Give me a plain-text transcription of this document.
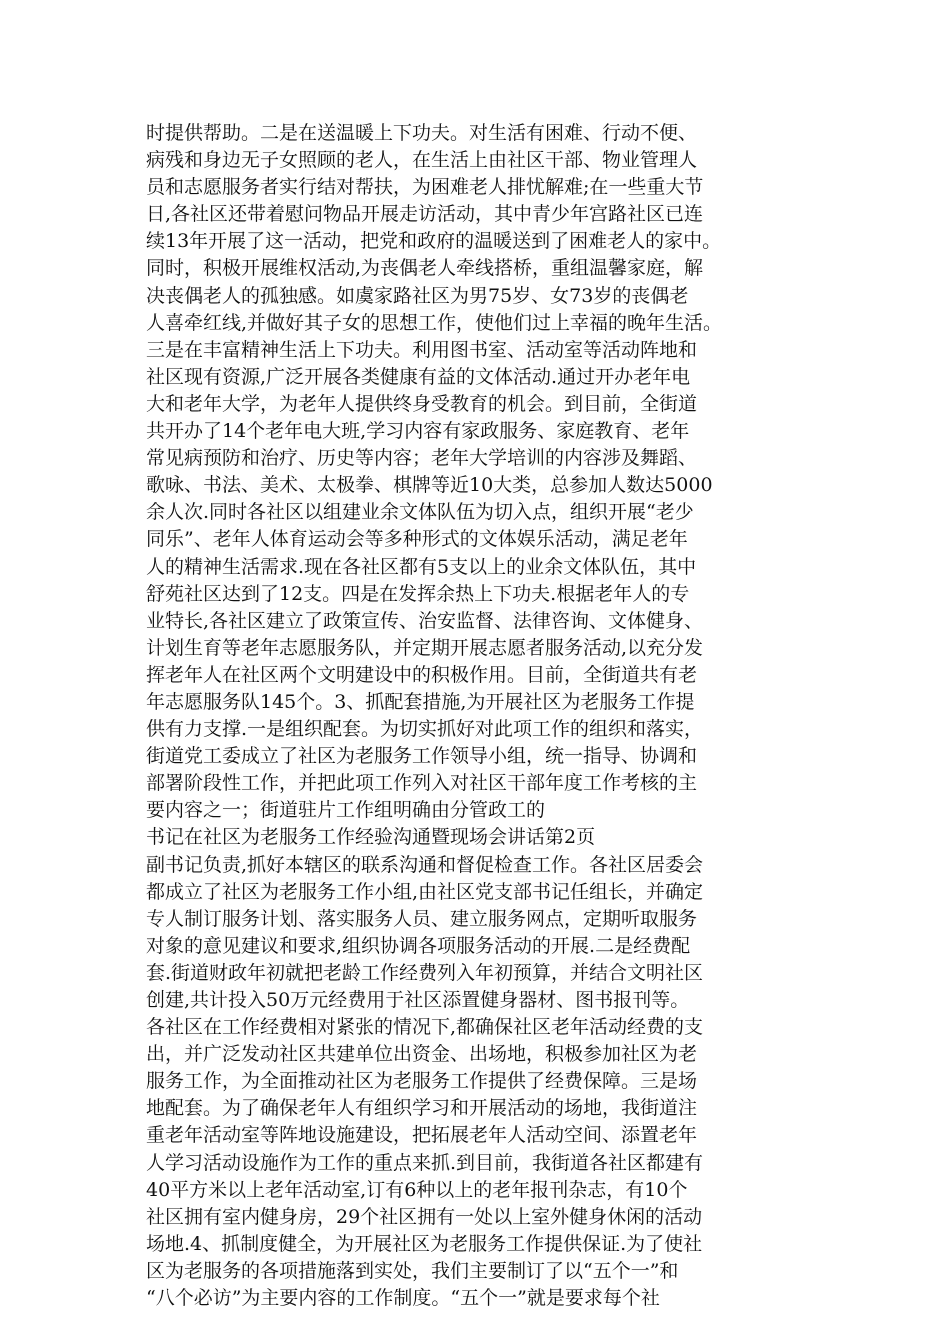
时提供帮助。二是在送温暖上下功夫。对生活有困难、行动不便、
病残和身边无子女照顾的老人，在生活上由社区干部、物业管理人
员和志愿服务者实行结对帮扶，为困难老人排忧解难;在一些重大节
日,各社区还带着慰问物品开展走访活动，其中青少年宫路社区已连
续13年开展了这一活动，把党和政府的温暖送到了困难老人的家中。
同时，积极开展维权活动,为丧偶老人牵线搭桥，重组温馨家庭，解
决丧偶老人的孤独感。如虞家路社区为男75岁、女73岁的丧偶老
人喜牵红线,并做好其子女的思想工作，使他们过上幸福的晚年生活。
三是在丰富精神生活上下功夫。利用图书室、活动室等活动阵地和
社区现有资源,广泛开展各类健康有益的文体活动.通过开办老年电
大和老年大学，为老年人提供终身受教育的机会。到目前，全街道
共开办了14个老年电大班,学习内容有家政服务、家庭教育、老年
常见病预防和治疗、历史等内容；老年大学培训的内容涉及舞蹈、
歌咏、书法、美术、太极拳、棋牌等近10大类，总参加人数达5000
余人次.同时各社区以组建业余文体队伍为切入点，组织开展“老少
同乐”、老年人体育运动会等多种形式的文体娱乐活动，满足老年
人的精神生活需求.现在各社区都有5支以上的业余文体队伍，其中
舒苑社区达到了12支。四是在发挥余热上下功夫.根据老年人的专
业特长,各社区建立了政策宣传、治安监督、法律咨询、文体健身、
计划生育等老年志愿服务队，并定期开展志愿者服务活动,以充分发
挥老年人在社区两个文明建设中的积极作用。目前，全街道共有老
年志愿服务队145个。3、抓配套措施,为开展社区为老服务工作提
供有力支撑.一是组织配套。为切实抓好对此项工作的组织和落实，
街道党工委成立了社区为老服务工作领导小组，统一指导、协调和
部署阶段性工作，并把此项工作列入对社区干部年度工作考核的主
要内容之一；街道驻片工作组明确由分管政工的
书记在社区为老服务工作经验沟通暨现场会讲话第2页
副书记负责,抓好本辖区的联系沟通和督促检查工作。各社区居委会
都成立了社区为老服务工作小组,由社区党支部书记任组长，并确定
专人制订服务计划、落实服务人员、建立服务网点，定期听取服务
对象的意见建议和要求,组织协调各项服务活动的开展.二是经费配
套.街道财政年初就把老龄工作经费列入年初预算，并结合文明社区
创建,共计投入50万元经费用于社区添置健身器材、图书报刊等。
各社区在工作经费相对紧张的情况下,都确保社区老年活动经费的支
出，并广泛发动社区共建单位出资金、出场地，积极参加社区为老
服务工作，为全面推动社区为老服务工作提供了经费保障。三是场
地配套。为了确保老年人有组织学习和开展活动的场地，我街道注
重老年活动室等阵地设施建设，把拓展老年人活动空间、添置老年
人学习活动设施作为工作的重点来抓.到目前，我街道各社区都建有
40平方米以上老年活动室,订有6种以上的老年报刊杂志，有10个
社区拥有室内健身房，29个社区拥有一处以上室外健身休闲的活动
场地.4、抓制度健全，为开展社区为老服务工作提供保证.为了使社
区为老服务的各项措施落到实处，我们主要制订了以“五个一”和
“八个必访”为主要内容的工作制度。“五个一”就是要求每个社
